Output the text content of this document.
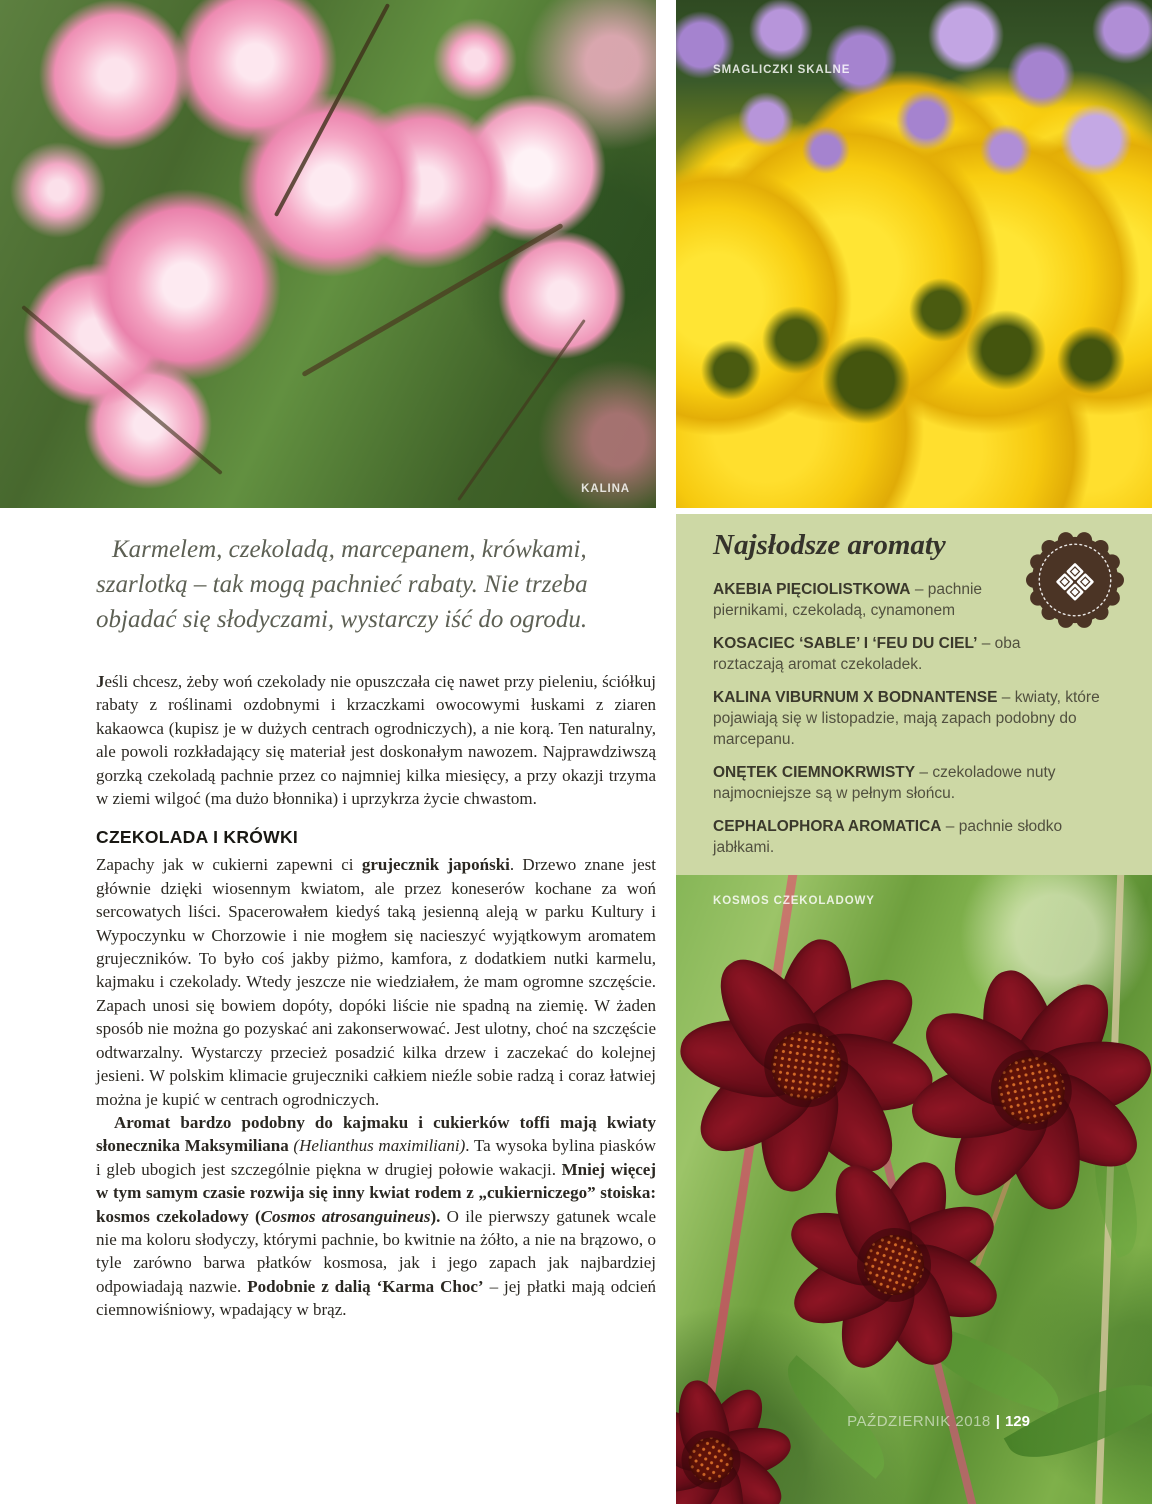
KALINA
SMAGLICZKI SKALNE
Najsłodsze aromaty

AKEBIA PIĘCIOLISTKOWA – pachnie piernikami, czekoladą, cynamonem

KOSACIEC ‘SABLE’ I ‘FEU DU CIEL’ – oba roztaczają aromat czekoladek.

KALINA VIBURNUM X BODNANTENSE – kwiaty, które pojawiają się w listopadzie, mają zapach podobny do marcepanu.

ONĘTEK CIEMNOKRWISTY – czekoladowe nuty najmocniejsze są w pełnym słońcu.

CEPHALOPHORA AROMATICA – pachnie słodko jabłkami.

KOSMOS CZEKOLADOWY
PAŹDZIERNIK 2018 | 129

Karmelem, czekoladą, marcepanem, krówkami, szarlotką – tak mogą pachnieć rabaty. Nie trzeba objadać się słodyczami, wystarczy iść do ogrodu.

Jeśli chcesz, żeby woń czekolady nie opuszczała cię nawet przy pieleniu, ściółkuj rabaty z roślinami ozdobnymi i krzaczkami owocowymi łuskami z ziaren kakaowca (kupisz je w dużych centrach ogrodniczych), a nie korą. Ten naturalny, ale powoli rozkładający się materiał jest doskonałym nawozem. Najprawdziwszą gorzką czekoladą pachnie przez co najmniej kilka miesięcy, a przy okazji trzyma w ziemi wilgoć (ma dużo błonnika) i uprzykrza życie chwastom.

CZEKOLADA I KRÓWKI

Zapachy jak w cukierni zapewni ci grujecznik japoński. Drzewo znane jest głównie dzięki wiosennym kwiatom, ale przez koneserów kochane za woń sercowatych liści. Spacerowałem kiedyś taką jesienną aleją w parku Kultury i Wypoczynku w Chorzowie i nie mogłem się nacieszyć wyjątkowym aromatem grujeczników. To było coś jakby piżmo, kamfora, z dodatkiem nutki karmelu, kajmaku i czekolady. Wtedy jeszcze nie wiedziałem, że mam ogromne szczęście. Zapach unosi się bowiem dopóty, dopóki liście nie spadną na ziemię. W żaden sposób nie można go pozyskać ani zakonserwować. Jest ulotny, choć na szczęście odtwarzalny. Wystarczy przecież posadzić kilka drzew i zaczekać do kolejnej jesieni. W polskim klimacie grujeczniki całkiem nieźle sobie radzą i coraz łatwiej można je kupić w centrach ogrodniczych.

Aromat bardzo podobny do kajmaku i cukierków toffi mają kwiaty słonecznika Maksymiliana (Helianthus maximiliani). Ta wysoka bylina piasków i gleb ubogich jest szczególnie piękna w drugiej połowie wakacji. Mniej więcej w tym samym czasie rozwija się inny kwiat rodem z „cukierniczego” stoiska: kosmos czekoladowy (Cosmos atrosanguineus). O ile pierwszy gatunek wcale nie ma koloru słodyczy, którymi pachnie, bo kwitnie na żółto, a nie na brązowo, o tyle zarówno barwa płatków kosmosa, jak i jego zapach jak najbardziej odpowiadają nazwie. Podobnie z dalią ‘Karma Choc’ – jej płatki mają odcień ciemnowiśniowy, wpadający w brąz.
